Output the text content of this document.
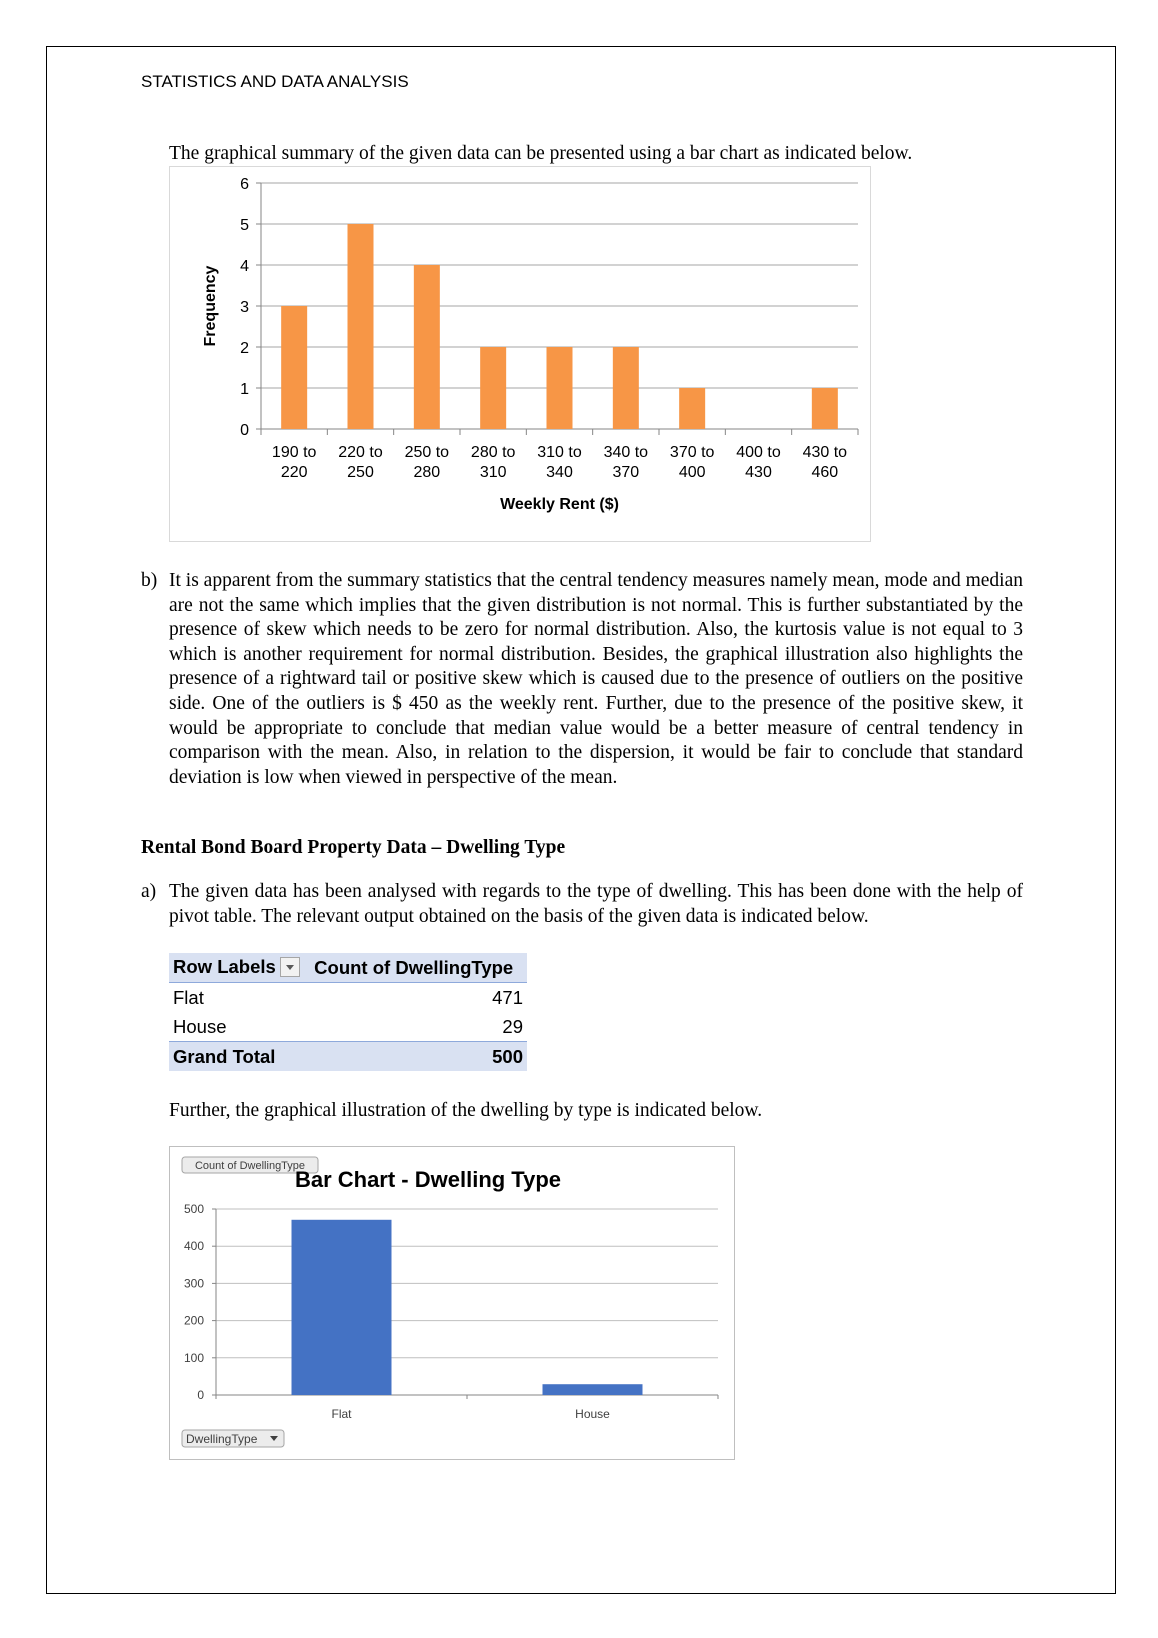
STATISTICS AND DATA ANALYSIS
The graphical summary of the given data can be presented using a bar chart as indicated below.
0
1
2
3
4
5
6
190 to
220
220 to
250
250 to
280
280 to
310
310 to
340
340 to
370
370 to
400
400 to
430
430 to
460
Weekly Rent ($)
Frequency
b) It is apparent from the summary statistics that the central tendency measures namely mean, mode and median are not the same which implies that the given distribution is not normal. This is further substantiated by the presence of skew which needs to be zero for normal distribution. Also, the kurtosis value is not equal to 3 which is another requirement for normal distribution. Besides, the graphical illustration also highlights the presence of a rightward tail or positive skew which is caused due to the presence of outliers on the positive side. One of the outliers is $ 450 as the weekly rent. Further, due to the presence of the positive skew, it would be appropriate to conclude that median value would be a better measure of central tendency in comparison with the mean. Also, in relation to the dispersion, it would be fair to conclude that standard deviation is low when viewed in perspective of the mean.
Rental Bond Board Property Data – Dwelling Type
a) The given data has been analysed with regards to the type of dwelling. This has been done with the help of pivot table. The relevant output obtained on the basis of the given data is indicated below.
Row Labels	Count of DwellingType
Flat	471
House	29
Grand Total	500
Further, the graphical illustration of the dwelling by type is indicated below.
Count of DwellingType
Bar Chart - Dwelling Type
0
100
200
300
400
500
Flat	House
DwellingType
